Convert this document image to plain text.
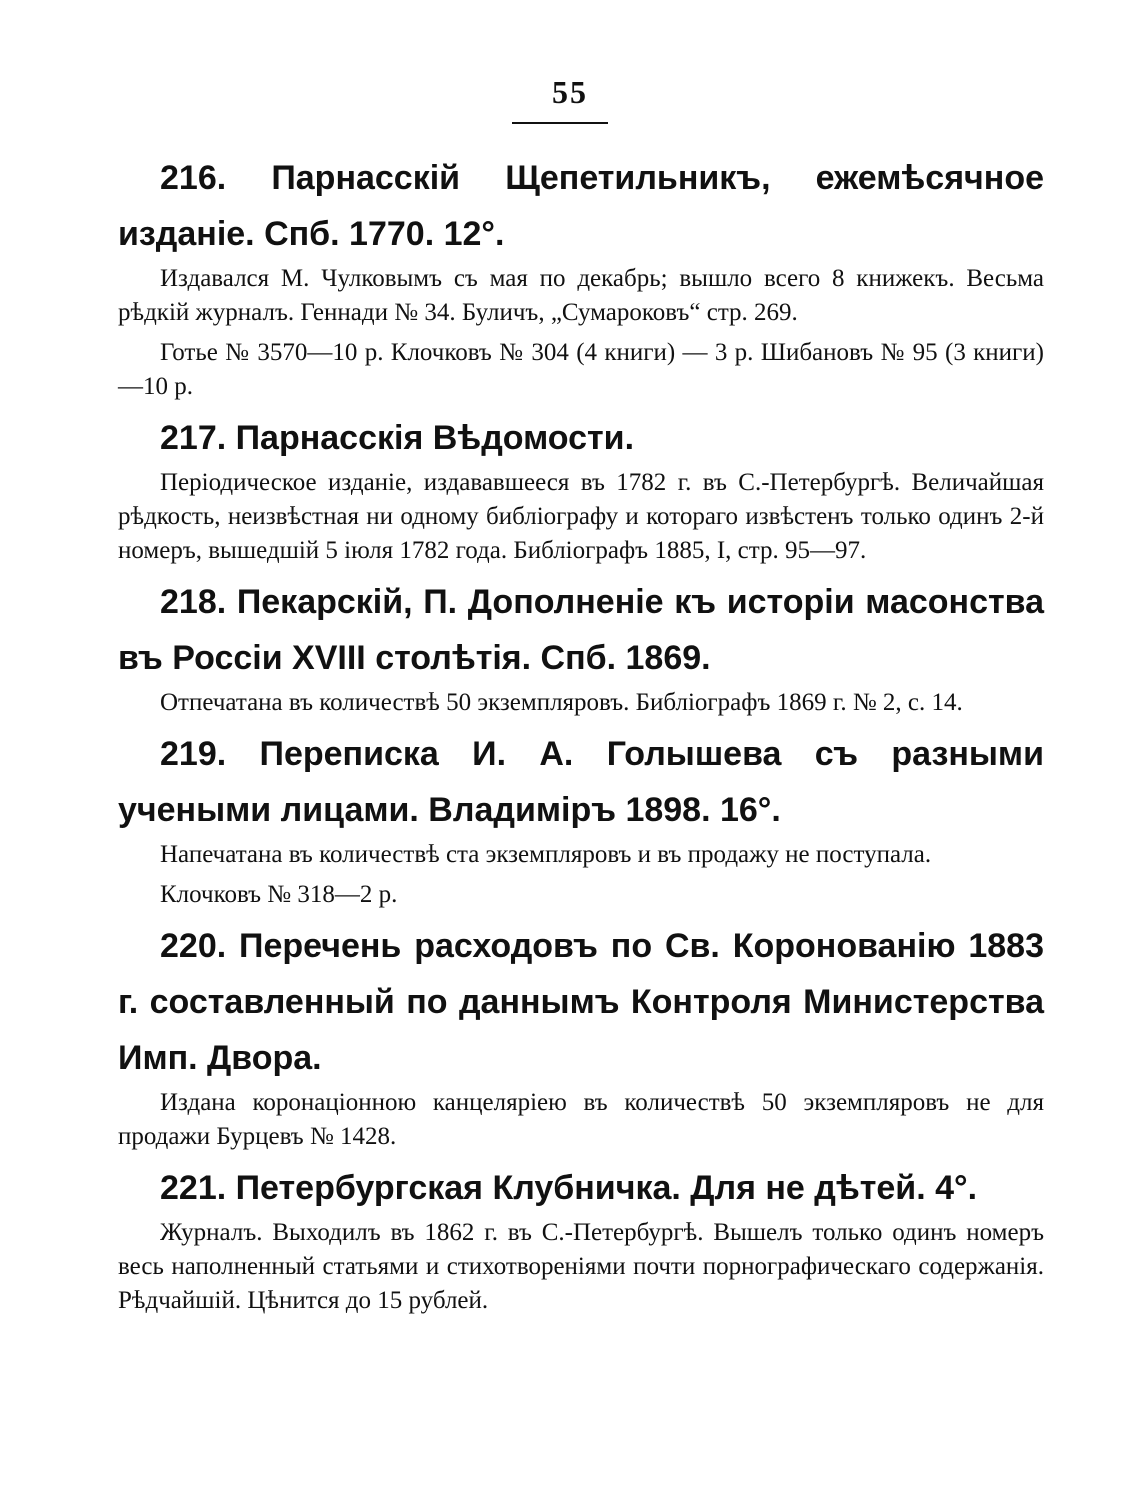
55

216. Парнасскій Щепетильникъ, ежемѣсячное изданіе. Спб. 1770. 12°.

Издавался М. Чулковымъ съ мая по декабрь; вышло всего 8 книжекъ. Весьма рѣдкій журналъ. Геннади № 34. Буличъ, „Сумароковъ“ стр. 269.

Готье № 3570—10 р. Клочковъ № 304 (4 книги) — 3 р. Шибановъ № 95 (3 книги)—10 р.

217. Парнасскія Вѣдомости.

Періодическое изданіе, издававшееся въ 1782 г. въ С.-Петербургѣ. Величайшая рѣдкость, неизвѣстная ни одному библіографу и котораго извѣстенъ только одинъ 2-й номеръ, вышедшій 5 іюля 1782 года. Библіографъ 1885, I, стр. 95—97.

218. Пекарскій, П. Дополненіе къ исторіи масонства въ Россіи XVIII столѣтія. Спб. 1869.

Отпечатана въ количествѣ 50 экземпляровъ. Библіографъ 1869 г. № 2, с. 14.

219. Переписка И. А. Голышева съ разными учеными лицами. Владиміръ 1898. 16°.

Напечатана въ количествѣ ста экземпляровъ и въ продажу не поступала.

Клочковъ № 318—2 р.

220. Перечень расходовъ по Св. Коронованію 1883 г. составленный по даннымъ Контроля Министерства Имп. Двора.

Издана коронаціонною канцеляріею въ количествѣ 50 экземпляровъ не для продажи Бурцевъ № 1428.

221. Петербургская Клубничка. Для не дѣтей. 4°.

Журналъ. Выходилъ въ 1862 г. въ С.-Петербургѣ. Вышелъ только одинъ номеръ весь наполненный статьями и стихотвореніями почти порнографическаго содержанія. Рѣдчайшій. Цѣнится до 15 рублей.
